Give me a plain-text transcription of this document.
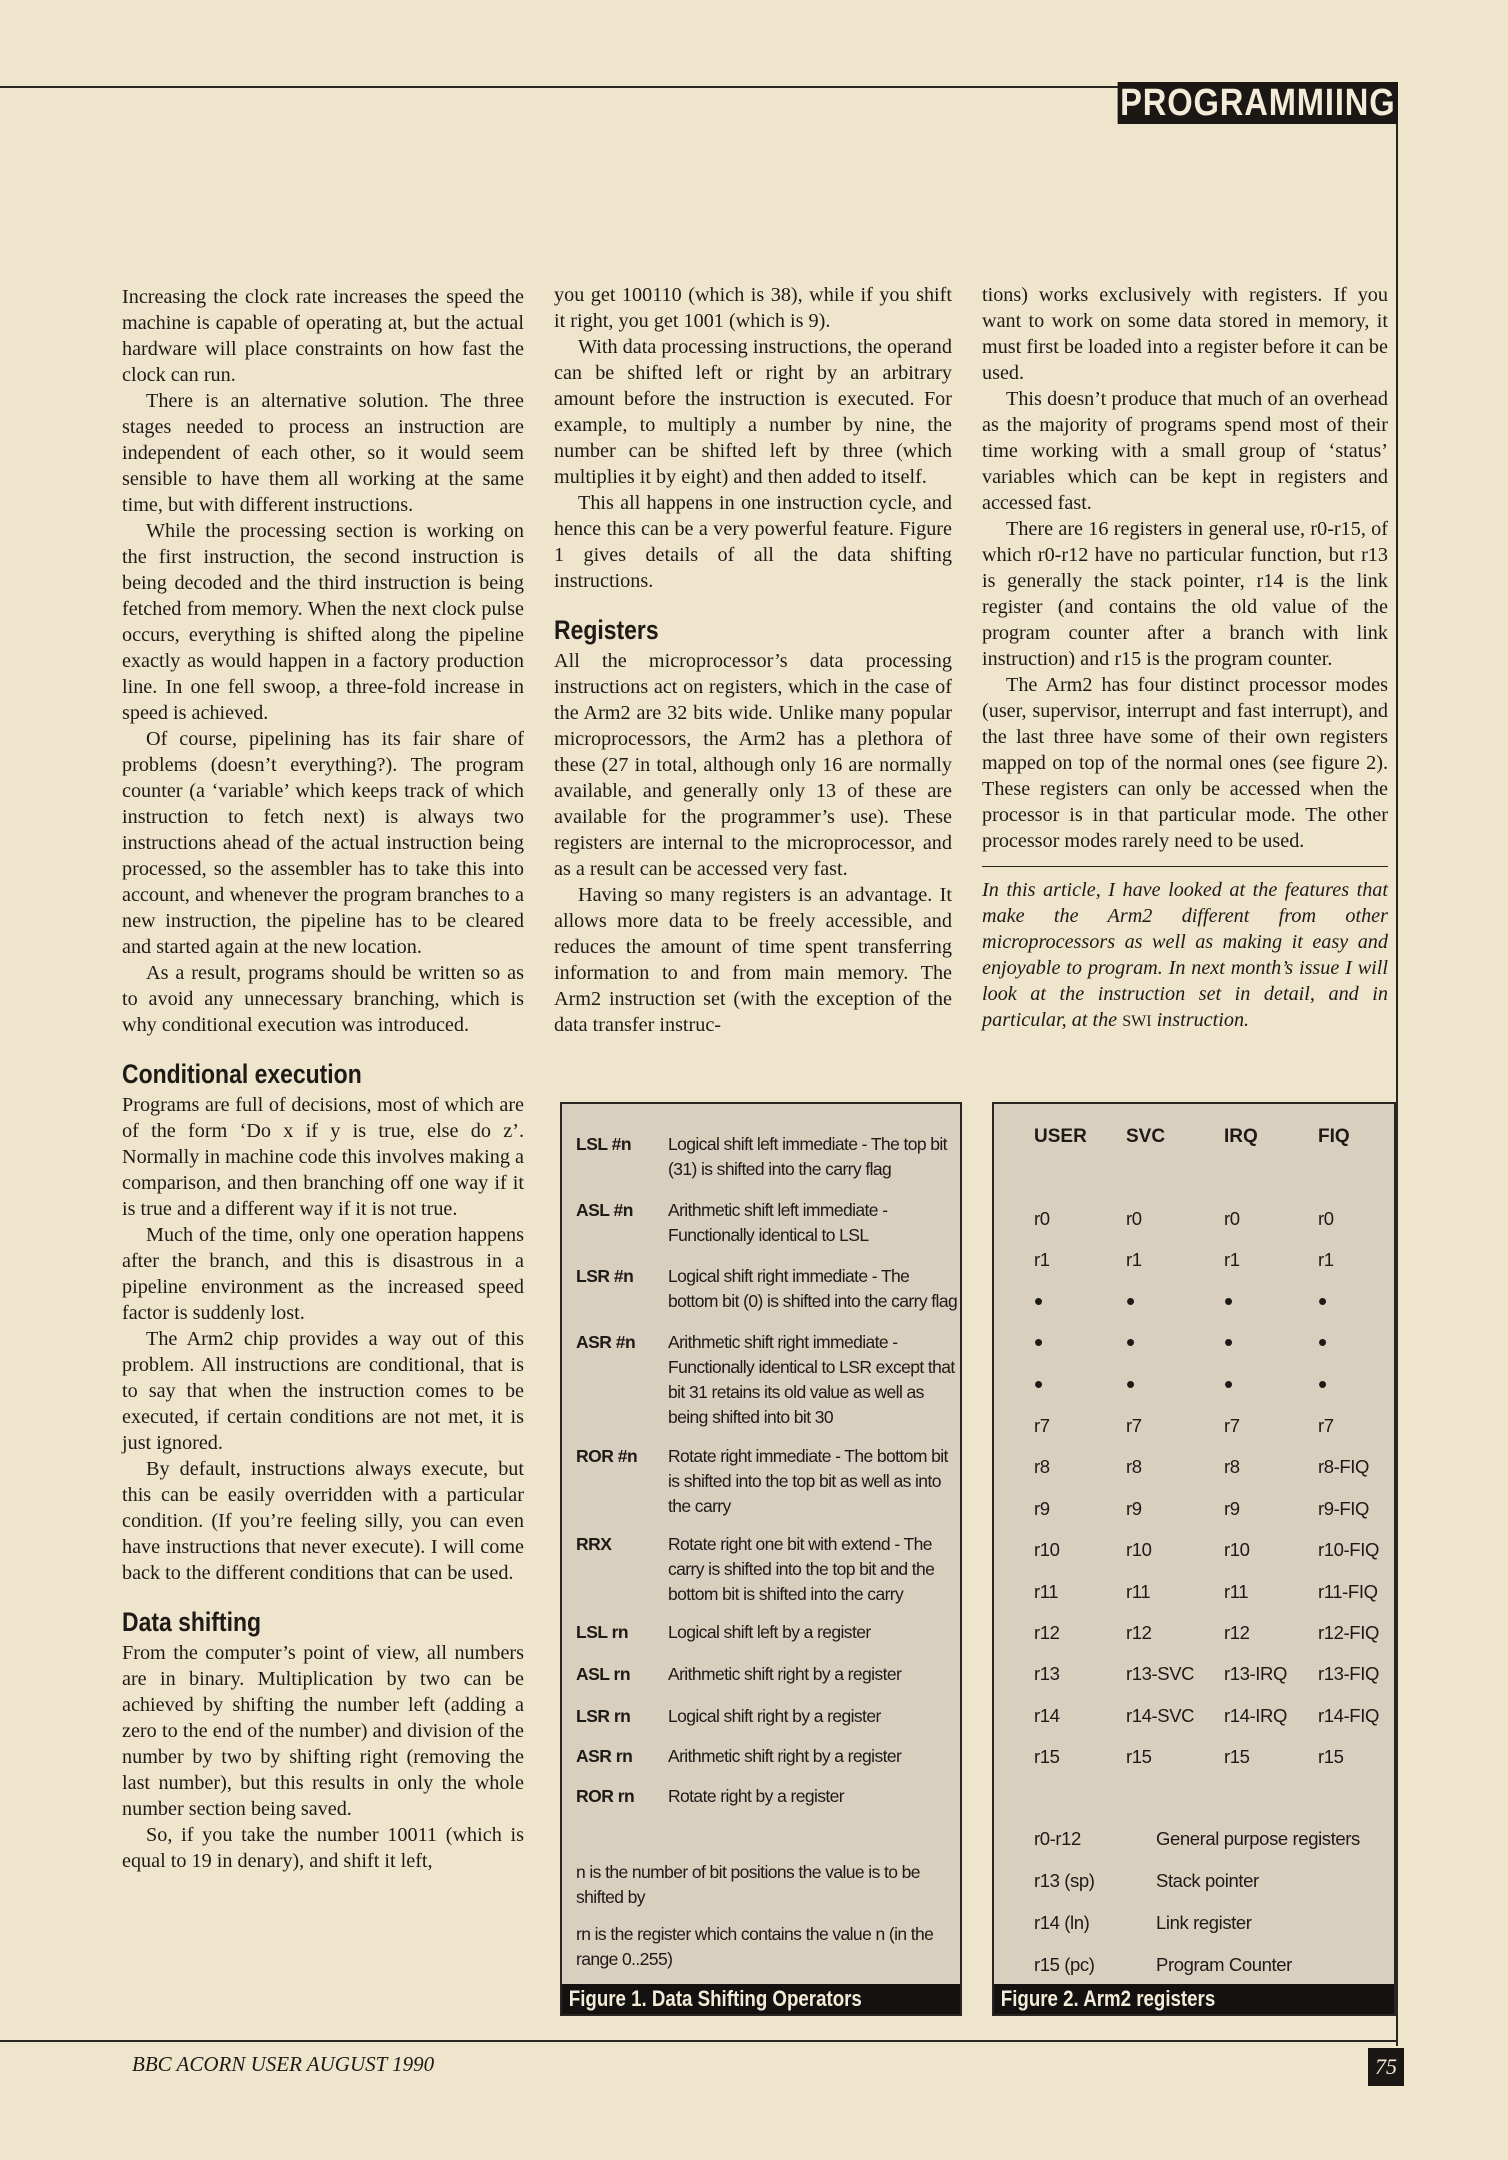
PROGRAMMIING

Increasing the clock rate increases the speed the machine is capable of operating at, but the actual hardware will place constraints on how fast the clock can run.

There is an alternative solution. The three stages needed to process an instruction are independent of each other, so it would seem sensible to have them all working at the same time, but with different instructions.

While the processing section is working on the first instruction, the second instruction is being decoded and the third instruction is being fetched from memory. When the next clock pulse occurs, everything is shifted along the pipeline exactly as would happen in a factory production line. In one fell swoop, a three-fold increase in speed is achieved.

Of course, pipelining has its fair share of problems (doesn’t everything?). The program counter (a ‘variable’ which keeps track of which instruction to fetch next) is always two instructions ahead of the actual instruction being processed, so the assembler has to take this into account, and whenever the program branches to a new instruction, the pipeline has to be cleared and started again at the new location.

As a result, programs should be written so as to avoid any unnecessary branching, which is why conditional execution was introduced.

Conditional execution

Programs are full of decisions, most of which are of the form ‘Do x if y is true, else do z’. Normally in machine code this involves making a comparison, and then branching off one way if it is true and a different way if it is not true.

Much of the time, only one operation happens after the branch, and this is disastrous in a pipeline environment as the increased speed factor is suddenly lost.

The Arm2 chip provides a way out of this problem. All instructions are conditional, that is to say that when the instruction comes to be executed, if certain conditions are not met, it is just ignored.

By default, instructions always execute, but this can be easily overridden with a particular condition. (If you’re feeling silly, you can even have instructions that never execute). I will come back to the different conditions that can be used.

Data shifting

From the computer’s point of view, all numbers are in binary. Multiplication by two can be achieved by shifting the number left (adding a zero to the end of the number) and division of the number by two by shifting right (removing the last number), but this results in only the whole number section being saved.

So, if you take the number 10011 (which is equal to 19 in denary), and shift it left,

you get 100110 (which is 38), while if you shift it right, you get 1001 (which is 9).

With data processing instructions, the operand can be shifted left or right by an arbitrary amount before the instruction is executed. For example, to multiply a number by nine, the number can be shifted left by three (which multiplies it by eight) and then added to itself.

This all happens in one instruction cycle, and hence this can be a very powerful feature. Figure 1 gives details of all the data shifting instructions.

Registers

All the microprocessor’s data processing instructions act on registers, which in the case of the Arm2 are 32 bits wide. Unlike many popular microprocessors, the Arm2 has a plethora of these (27 in total, although only 16 are normally available, and generally only 13 of these are available for the programmer’s use). These registers are internal to the microprocessor, and as a result can be accessed very fast.

Having so many registers is an advantage. It allows more data to be freely accessible, and reduces the amount of time spent transferring information to and from main memory. The Arm2 instruction set (with the exception of the data transfer instruc-

tions) works exclusively with registers. If you want to work on some data stored in memory, it must first be loaded into a register before it can be used.

This doesn’t produce that much of an overhead as the majority of programs spend most of their time working with a small group of ‘status’ variables which can be kept in registers and accessed fast.

There are 16 registers in general use, r0-r15, of which r0-r12 have no particular function, but r13 is generally the stack pointer, r14 is the link register (and contains the old value of the program counter after a branch with link instruction) and r15 is the program counter.

The Arm2 has four distinct processor modes (user, supervisor, interrupt and fast interrupt), and the last three have some of their own registers mapped on top of the normal ones (see figure 2). These registers can only be accessed when the processor is in that particular mode. The other processor modes rarely need to be used.

In this article, I have looked at the features that make the Arm2 different from other microprocessors as well as making it easy and enjoyable to program. In next month’s issue I will look at the instruction set in detail, and in particular, at the SWI instruction.

LSL #n	Logical shift left immediate - The top bit (31) is shifted into the carry flag
ASL #n	Arithmetic shift left immediate - Functionally identical to LSL
LSR #n	Logical shift right immediate - The bottom bit (0) is shifted into the carry flag
ASR #n	Arithmetic shift right immediate - Functionally identical to LSR except that bit 31 retains its old value as well as being shifted into bit 30
ROR #n	Rotate right immediate - The bottom bit is shifted into the top bit as well as into the carry
RRX	Rotate right one bit with extend - The carry is shifted into the top bit and the bottom bit is shifted into the carry
LSL rn	Logical shift left by a register
ASL rn	Arithmetic shift right by a register
LSR rn	Logical shift right by a register
ASR rn	Arithmetic shift right by a register
ROR rn	Rotate right by a register

n is the number of bit positions the value is to be shifted by

rn is the register which contains the value n (in the range 0..255)

Figure 1. Data Shifting Operators
USER SVC	IRQ	FIQ
r0	r0	r0	r0
r1	r1	r1	r1
•	•	•	•
•	•	•	•
•	•	•	•
r7	r7	r7	r7
r8	r8	r8	r8-FIQ
r9	r9	r9	r9-FIQ
r10	r10	r10	r10-FIQ
r11	r11	r11	r11-FIQ
r12	r12	r12	r12-FIQ
r13	r13-SVC r13-IRQ r13-FIQ
r14	r14-SVC r14-IRQ r14-FIQ
r15	r15	r15	r15
r0-r12	General purpose registers
r13 (sp)	Stack pointer
r14 (ln)	Link register
r15 (pc)	Program Counter
Figure 2. Arm2 registers
BBC ACORN USER AUGUST 1990	75
